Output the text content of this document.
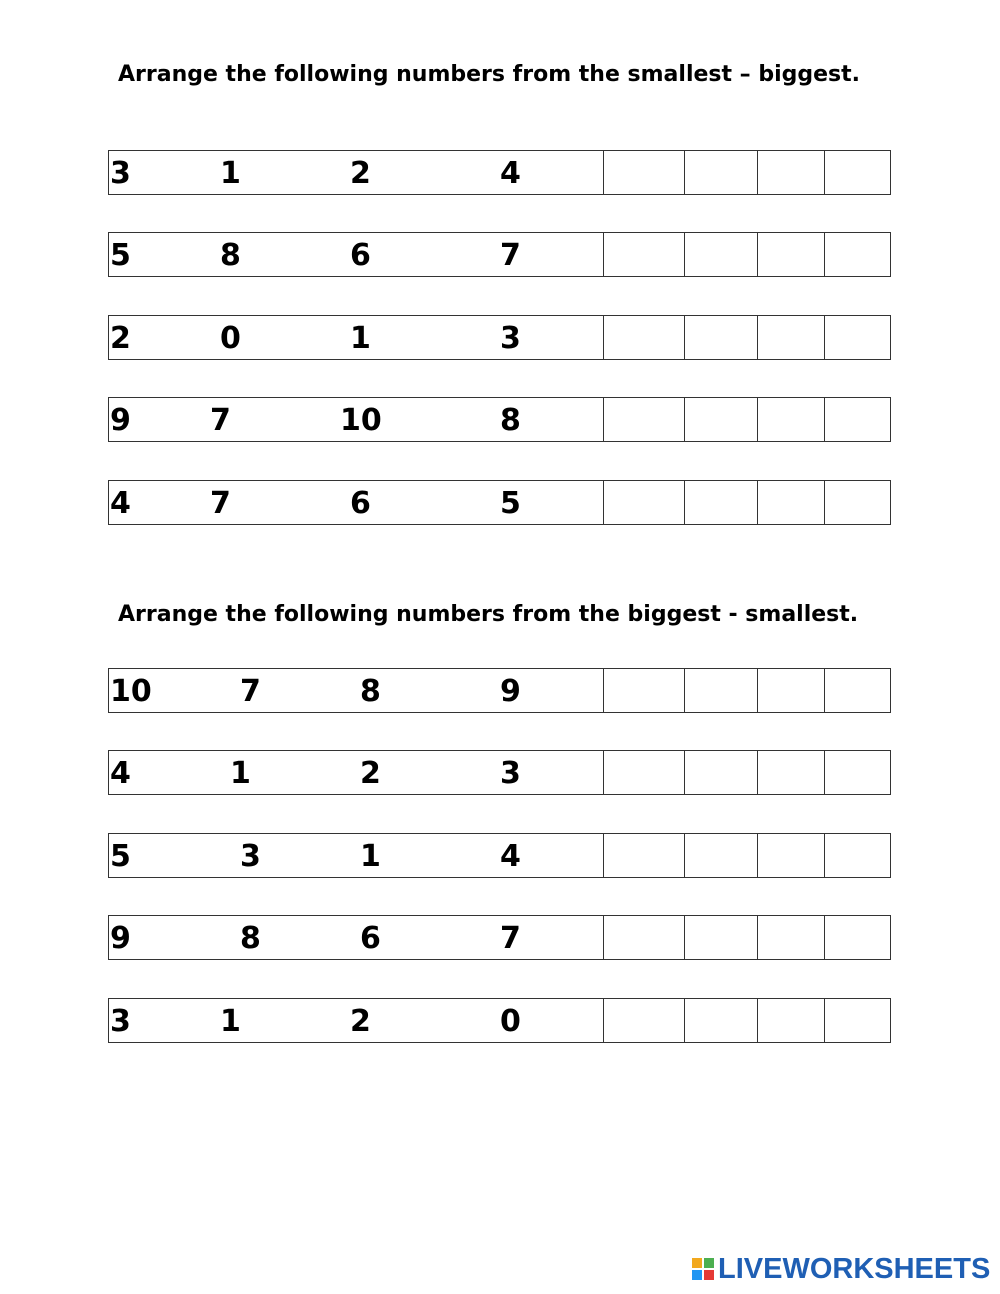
Arrange the following numbers from the smallest – biggest.
3	1	2	4
5	8	6	7
2	0	1	3
9	7	10	8
4	7	6	5
Arrange the following numbers from the biggest - smallest.
10	7	8	9
4	1	2	3
5	3	1	4
9	8	6	7
3	1	2	0
LIVEWORKSHEETS
